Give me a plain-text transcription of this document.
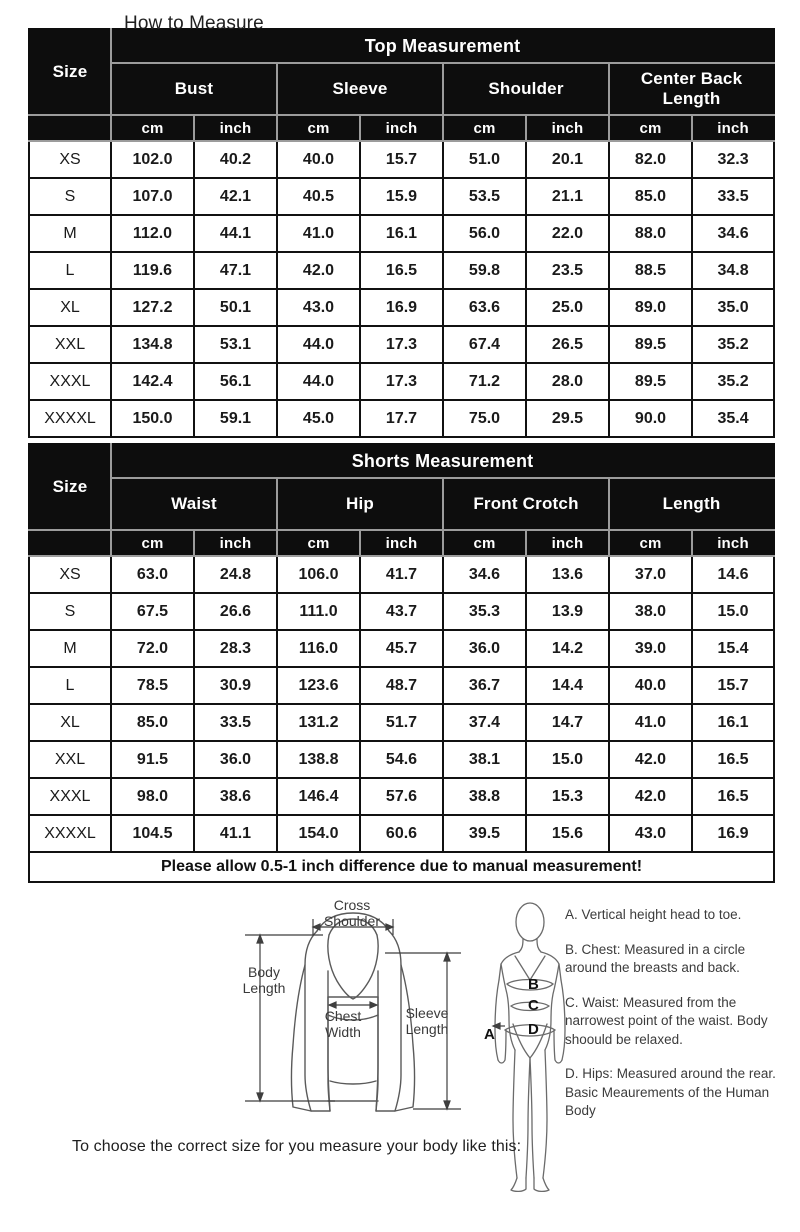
Size	Top Measurement							
	Bust		Sleeve		Shoulder		Center Back Length	
	cm	inch	cm	inch	cm	inch	cm	inch
XS	102.0	40.2	40.0	15.7	51.0	20.1	82.0	32.3
S	107.0	42.1	40.5	15.9	53.5	21.1	85.0	33.5
M	112.0	44.1	41.0	16.1	56.0	22.0	88.0	34.6
L	119.6	47.1	42.0	16.5	59.8	23.5	88.5	34.8
XL	127.2	50.1	43.0	16.9	63.6	25.0	89.0	35.0
XXL	134.8	53.1	44.0	17.3	67.4	26.5	89.5	35.2
XXXL	142.4	56.1	44.0	17.3	71.2	28.0	89.5	35.2
XXXXL	150.0	59.1	45.0	17.7	75.0	29.5	90.0	35.4
Size	Shorts Measurement							
	Waist		Hip		Front Crotch		Length	
	cm	inch	cm	inch	cm	inch	cm	inch
XS	63.0	24.8	106.0	41.7	34.6	13.6	37.0	14.6
S	67.5	26.6	111.0	43.7	35.3	13.9	38.0	15.0
M	72.0	28.3	116.0	45.7	36.0	14.2	39.0	15.4
L	78.5	30.9	123.6	48.7	36.7	14.4	40.0	15.7
XL	85.0	33.5	131.2	51.7	37.4	14.7	41.0	16.1
XXL	91.5	36.0	138.8	54.6	38.1	15.0	42.0	16.5
XXXL	98.0	38.6	146.4	57.6	38.8	15.3	42.0	16.5
XXXXL	104.5	41.1	154.0	60.6	39.5	15.6	43.0	16.9
Please allow 0.5-1 inch difference due to manual measurement!								
How to Measure
Cross Shoulder
Body Length
Chest Width
Sleeve Length	A
B
C
D
A. Vertical height head to toe.
B. Chest: Measured in a circle around the breasts and back.
C. Waist: Measured from the narrowest point of the waist. Body shoould be relaxed.
D. Hips: Measured around the rear. Basic Meaurements of the Human Body
To choose the correct size for you measure your body like this:
